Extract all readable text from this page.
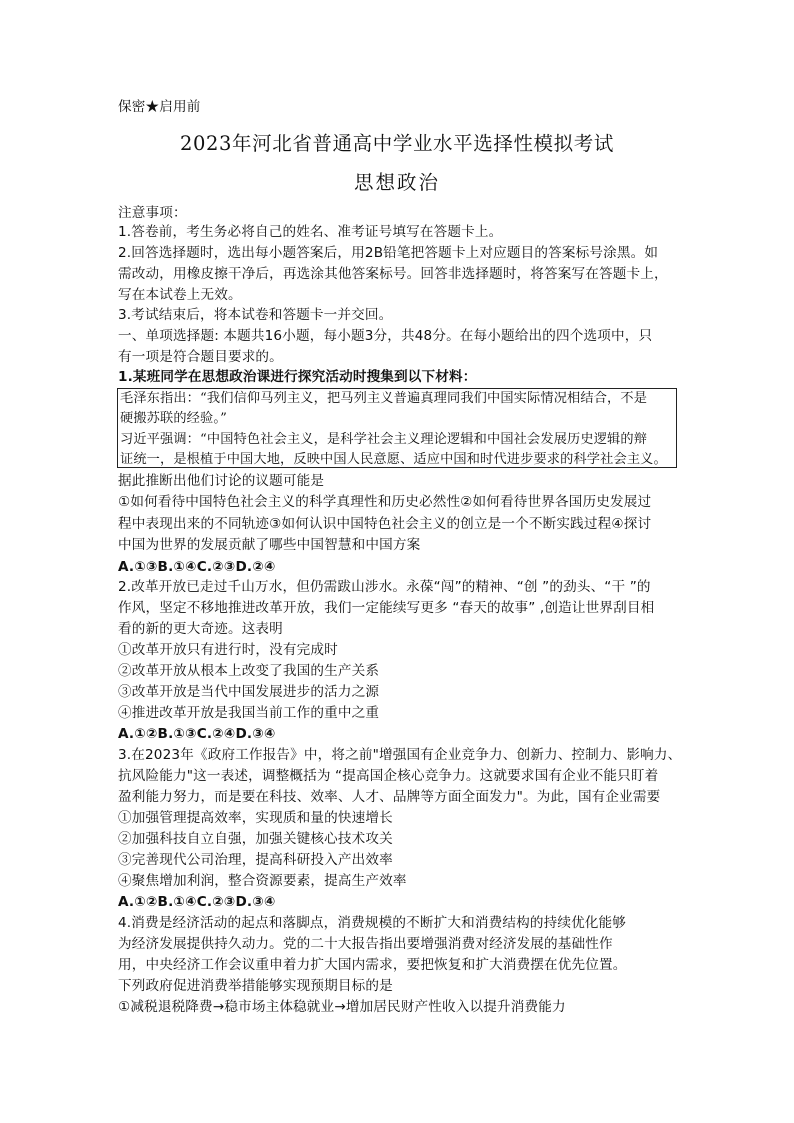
保密★启用前
2023年河北省普通高中学业水平选择性模拟考试
思想政治
注意事项：
1.答卷前，考生务必将自己的姓名、准考证号填写在答题卡上。
2.回答选择题时，选出每小题答案后，用2B铅笔把答题卡上对应题目的答案标号涂黑。如
需改动，用橡皮擦干净后，再选涂其他答案标号。回答非选择题时，将答案写在答题卡上，
写在本试卷上无效。
3.考试结束后，将本试卷和答题卡一并交回。
一、单项选择题: 本题共16小题，每小题3分，共48分。在每小题给出的四个选项中，只
有一项是符合题目要求的。
1.某班同学在思想政治课进行探究活动时搜集到以下材料：
毛泽东指出：“我们信仰马列主义，把马列主义普遍真理同我们中国实际情况相结合，不是
硬搬苏联的经验。”
习近平强调：“中国特色社会主义，是科学社会主义理论逻辑和中国社会发展历史逻辑的辩
证统一，是根植于中国大地，反映中国人民意愿、适应中国和时代进步要求的科学社会主义。
据此推断出他们讨论的议题可能是
①如何看待中国特色社会主义的科学真理性和历史必然性②如何看待世界各国历史发展过
程中表现出来的不同轨迹③如何认识中国特色社会主义的创立是一个不断实践过程④探讨
中国为世界的发展贡献了哪些中国智慧和中国方案
A.①③B.①④C.②③D.②④
2.改革开放已走过千山万水，但仍需跋山涉水。永葆“闯”的精神、“创 ”的劲头、“干 ”的
作风，坚定不移地推进改革开放，我们一定能续写更多 “春天的故事” ,创造让世界刮目相
看的新的更大奇迹。这表明
①改革开放只有进行时，没有完成时
②改革开放从根本上改变了我国的生产关系
③改革开放是当代中国发展进步的活力之源
④推进改革开放是我国当前工作的重中之重
A.①②B.①③C.②④D.③④
3.在2023年《政府工作报告》中，将之前"增强国有企业竞争力、创新力、控制力、影响力、
抗风险能力"这一表述，调整概括为 “提高国企核心竞争力。这就要求国有企业不能只盯着
盈利能力努力，而是要在科技、效率、人才、品牌等方面全面发力"。为此，国有企业需要
①加强管理提高效率，实现质和量的快速增长
②加强科技自立自强，加强关键核心技术攻关
③完善现代公司治理，提高科研投入产出效率
④聚焦增加利润，整合资源要素，提高生产效率
A.①②B.①④C.②③D.③④
4.消费是经济活动的起点和落脚点，消费规模的不断扩大和消费结构的持续优化能够
为经济发展提供持久动力。党的二十大报告指出要增强消费对经济发展的基础性作
用，中央经济工作会议重申着力扩大国内需求，要把恢复和扩大消费摆在优先位置。
下列政府促进消费举措能够实现预期目标的是
①减税退税降费→稳市场主体稳就业→增加居民财产性收入以提升消费能力
